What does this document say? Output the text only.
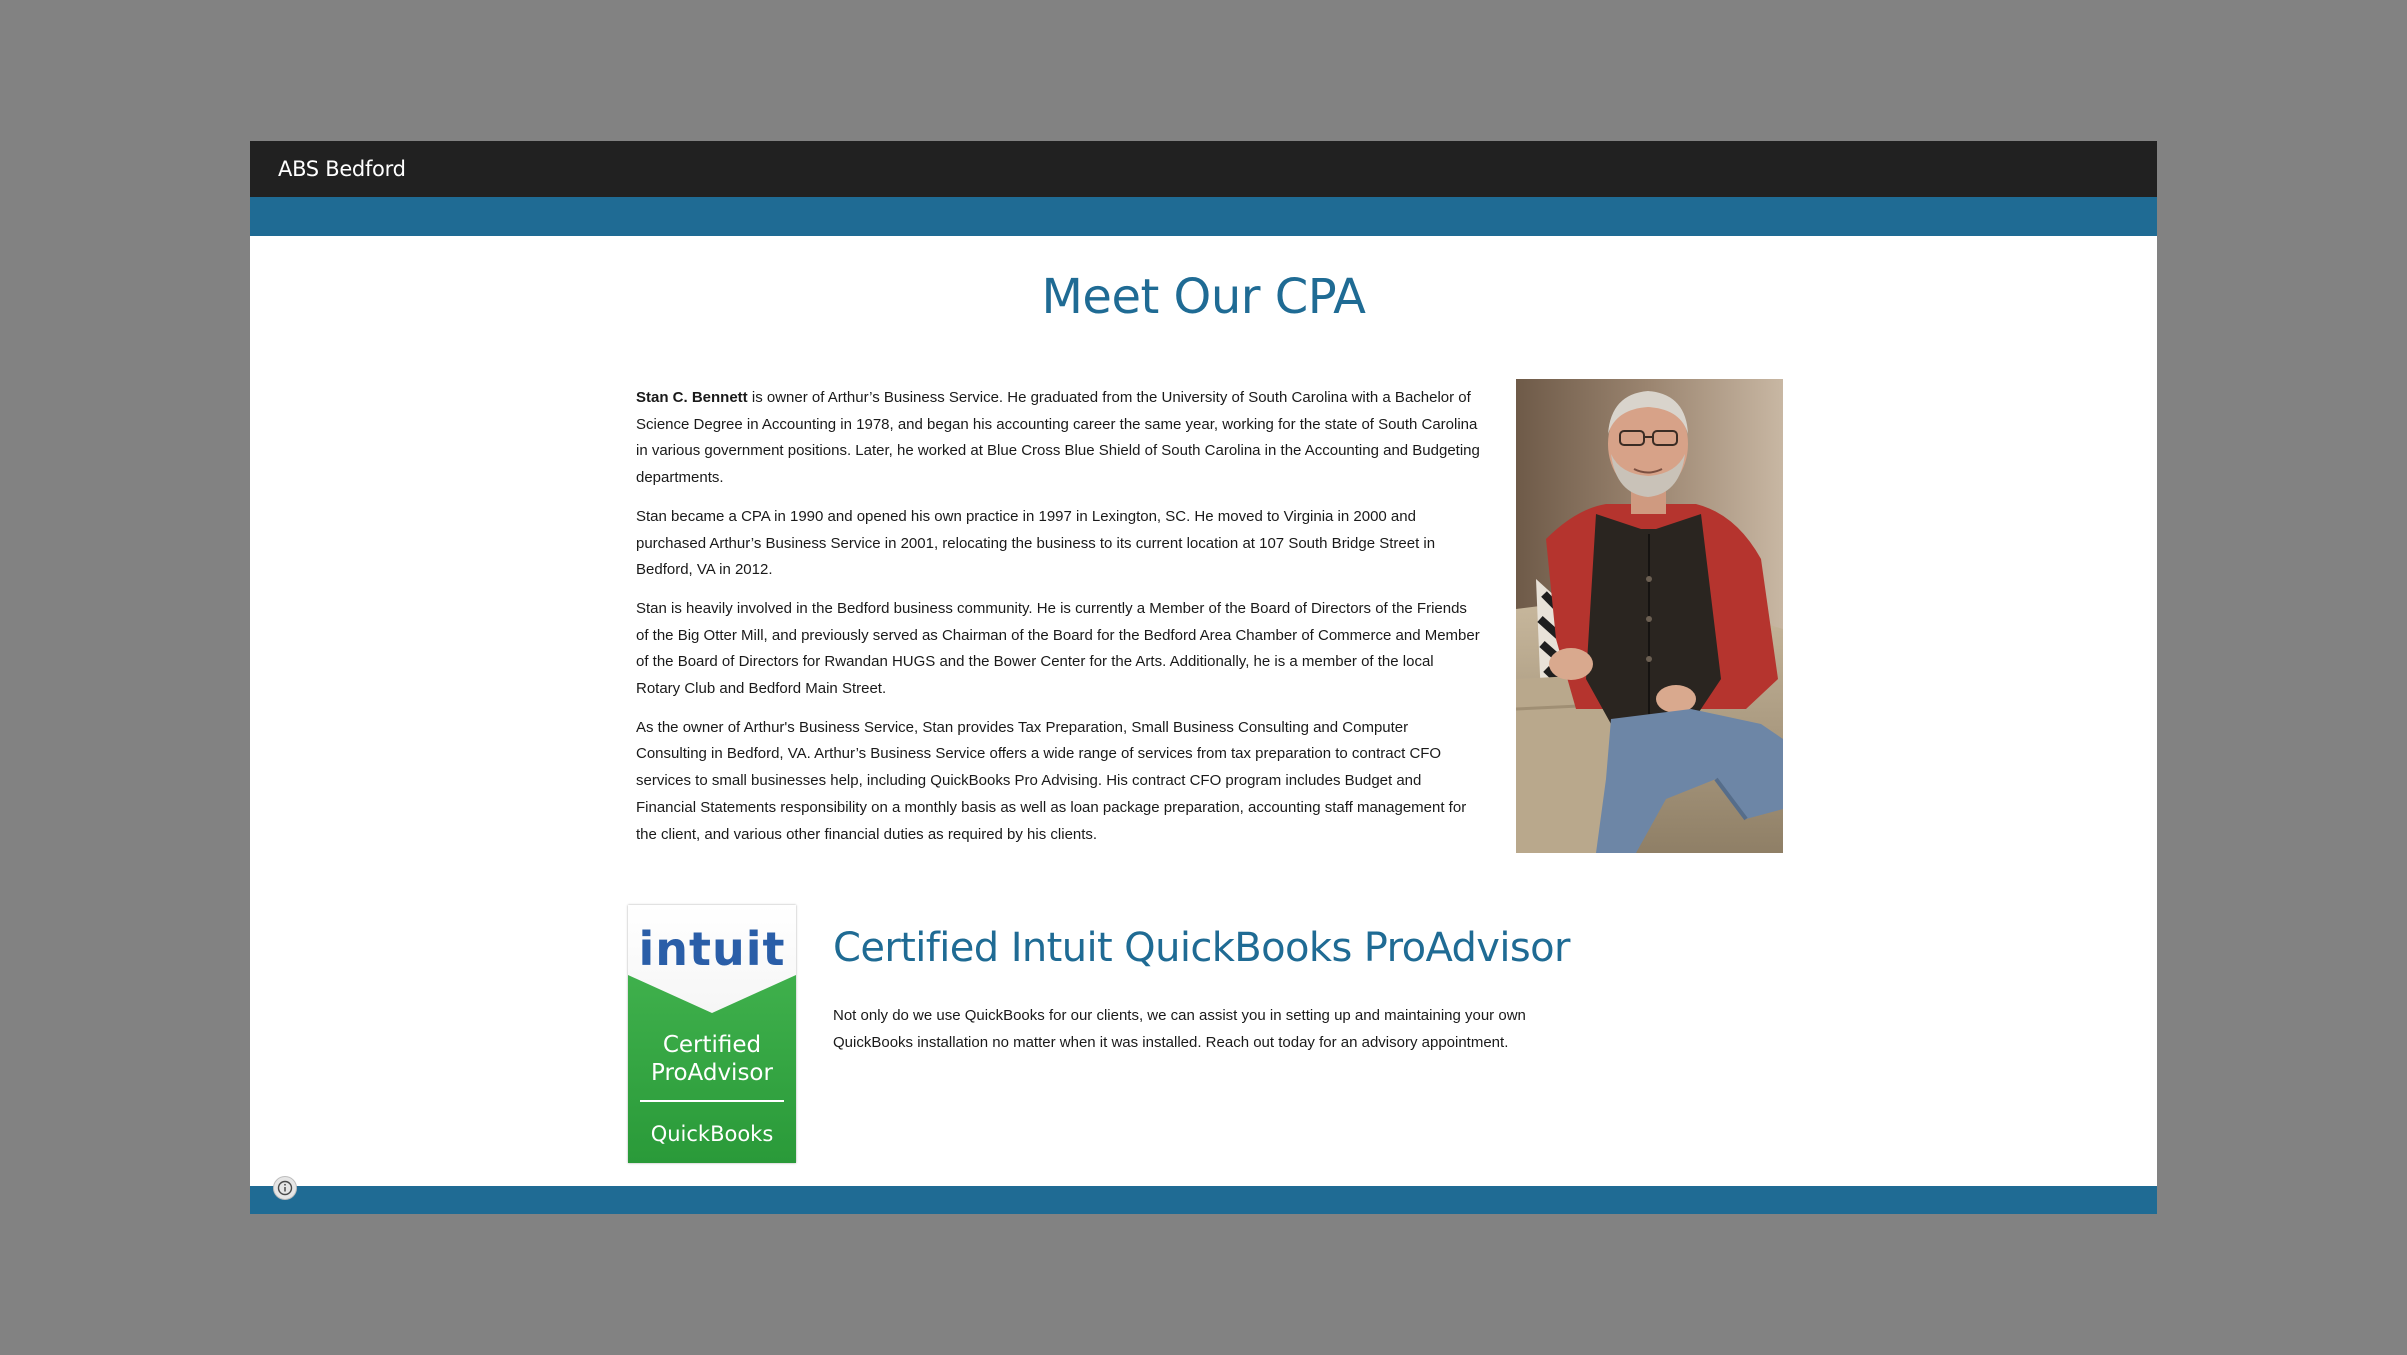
ABS Bedford
Meet Our CPA

Stan C. Bennett is owner of Arthur’s Business Service. He graduated from the University of South Carolina with a Bachelor of Science Degree in Accounting in 1978, and began his accounting career the same year, working for the state of South Carolina in various government positions. Later, he worked at Blue Cross Blue Shield of South Carolina in the Accounting and Budgeting departments.

Stan became a CPA in 1990 and opened his own practice in 1997 in Lexington, SC. He moved to Virginia in 2000 and purchased Arthur’s Business Service in 2001, relocating the business to its current location at 107 South Bridge Street in Bedford, VA in 2012.

Stan is heavily involved in the Bedford business community. He is currently a Member of the Board of Directors of the Friends of the Big Otter Mill, and previously served as Chairman of the Board for the Bedford Area Chamber of Commerce and Member of the Board of Directors for Rwandan HUGS and the Bower Center for the Arts. Additionally, he is a member of the local Rotary Club and Bedford Main Street.

As the owner of Arthur's Business Service, Stan provides Tax Preparation, Small Business Consulting and Computer Consulting in Bedford, VA. Arthur’s Business Service offers a wide range of services from tax preparation to contract CFO services to small businesses help, including QuickBooks Pro Advising. His contract CFO program includes Budget and Financial Statements responsibility on a monthly basis as well as loan package preparation, accounting staff management for the client, and various other financial duties as required by his clients.

intuit
Certified
ProAdvisor
QuickBooks
Certified Intuit QuickBooks ProAdvisor

Not only do we use QuickBooks for our clients, we can assist you in setting up and maintaining your own QuickBooks installation no matter when it was installed. Reach out today for an advisory appointment.
